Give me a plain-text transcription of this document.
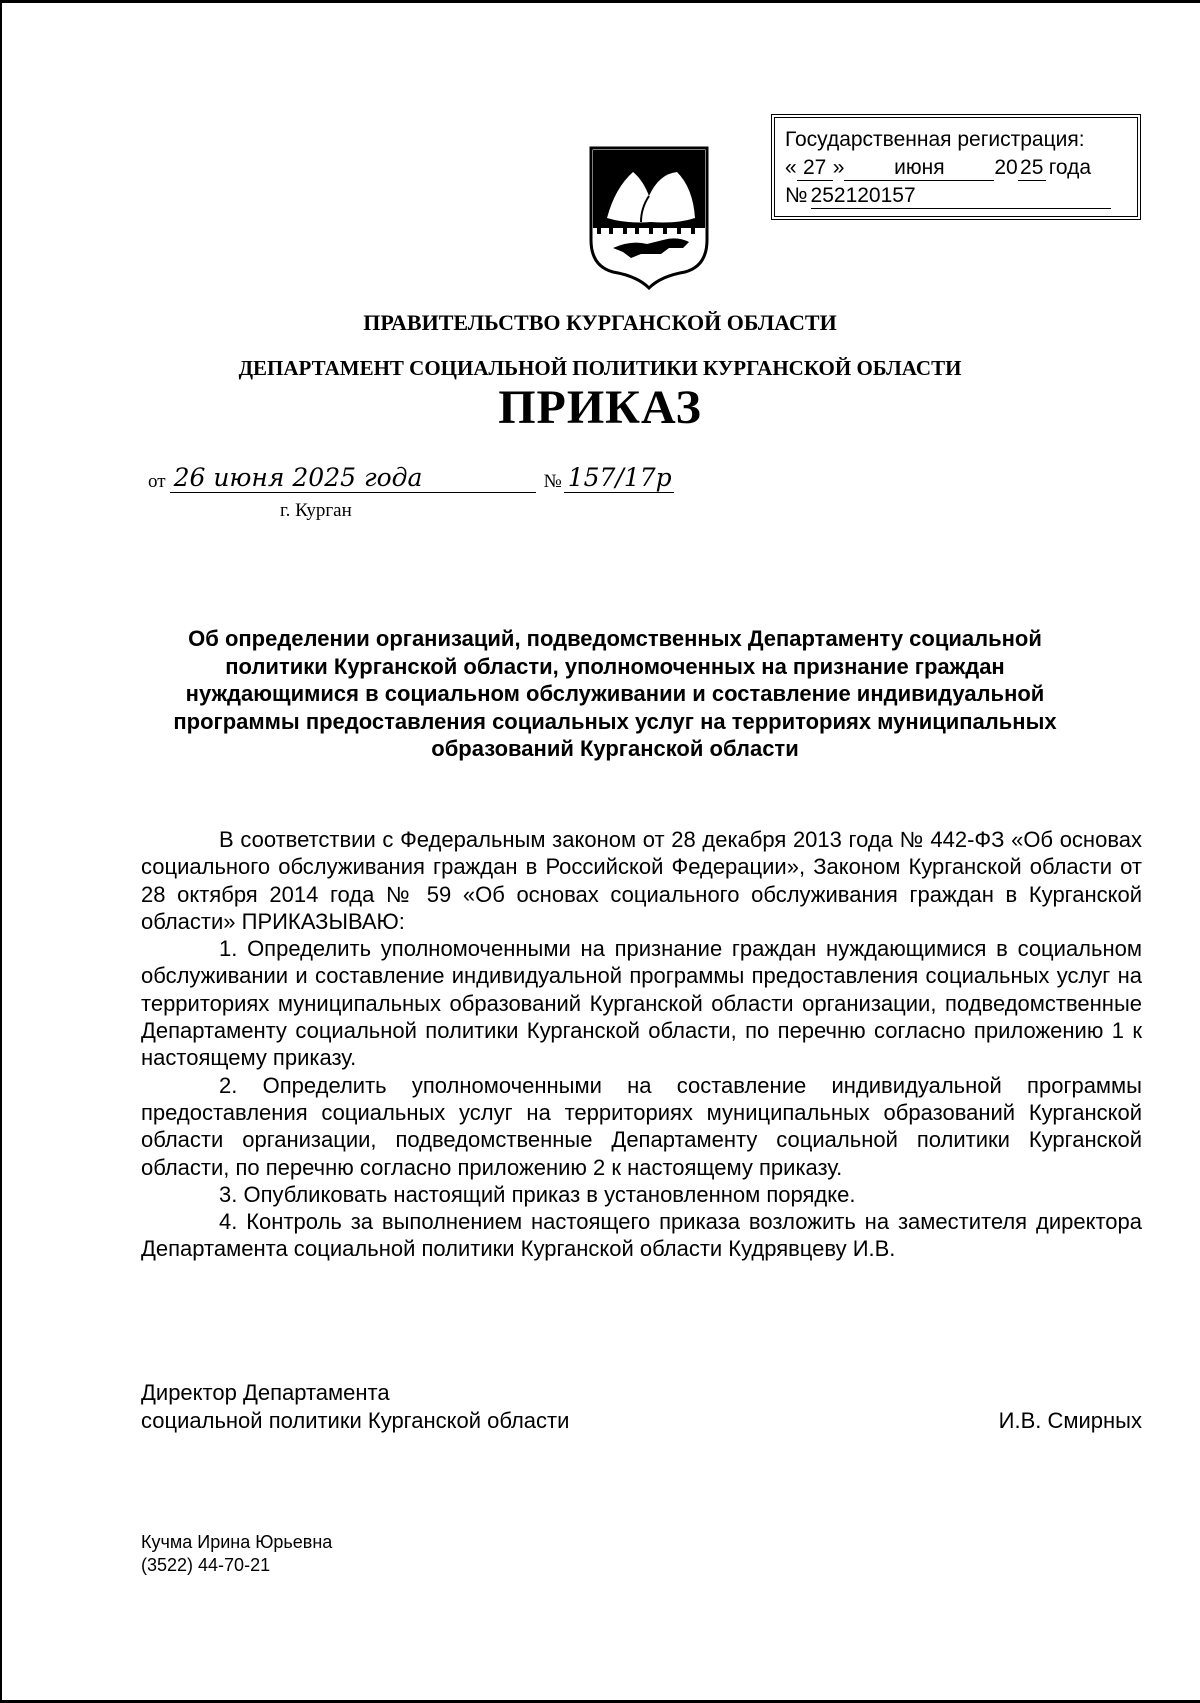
Государственная регистрация:
« 27 »	июня	20 25 года
№ 252120157
ПРАВИТЕЛЬСТВО КУРГАНСКОЙ ОБЛАСТИ
ДЕПАРТАМЕНТ СОЦИАЛЬНОЙ ПОЛИТИКИ КУРГАНСКОЙ ОБЛАСТИ
ПРИКАЗ
от 26 июня 2025 года	№ 157/17р
г. Курган
Об определении организаций, подведомственных Департаменту социальной политики Курганской области, уполномоченных на признание граждан нуждающимися в социальном обслуживании и составление индивидуальной программы предоставления социальных услуг на территориях муниципальных образований Курганской области

В соответствии с Федеральным законом от 28 декабря 2013 года № 442-ФЗ «Об основах социального обслуживания граждан в Российской Федерации», Законом Курганской области от 28 октября 2014 года № 59 «Об основах социального обслуживания граждан в Курганской области» ПРИКАЗЫВАЮ:

1. Определить уполномоченными на признание граждан нуждающимися в социальном обслуживании и составление индивидуальной программы предоставления социальных услуг на территориях муниципальных образований Курганской области организации, подведомственные Департаменту социальной политики Курганской области, по перечню согласно приложению 1 к настоящему приказу.

2. Определить уполномоченными на составление индивидуальной программы предоставления социальных услуг на территориях муниципальных образований Курганской области организации, подведомственные Департаменту социальной политики Курганской области, по перечню согласно приложению 2 к настоящему приказу.

3. Опубликовать настоящий приказ в установленном порядке.

4. Контроль за выполнением настоящего приказа возложить на заместителя директора Департамента социальной политики Курганской области Кудрявцеву И.В.

Директор Департамента
социальной политики Курганской области	И.В. Смирных
Кучма Ирина Юрьевна
(3522) 44-70-21
